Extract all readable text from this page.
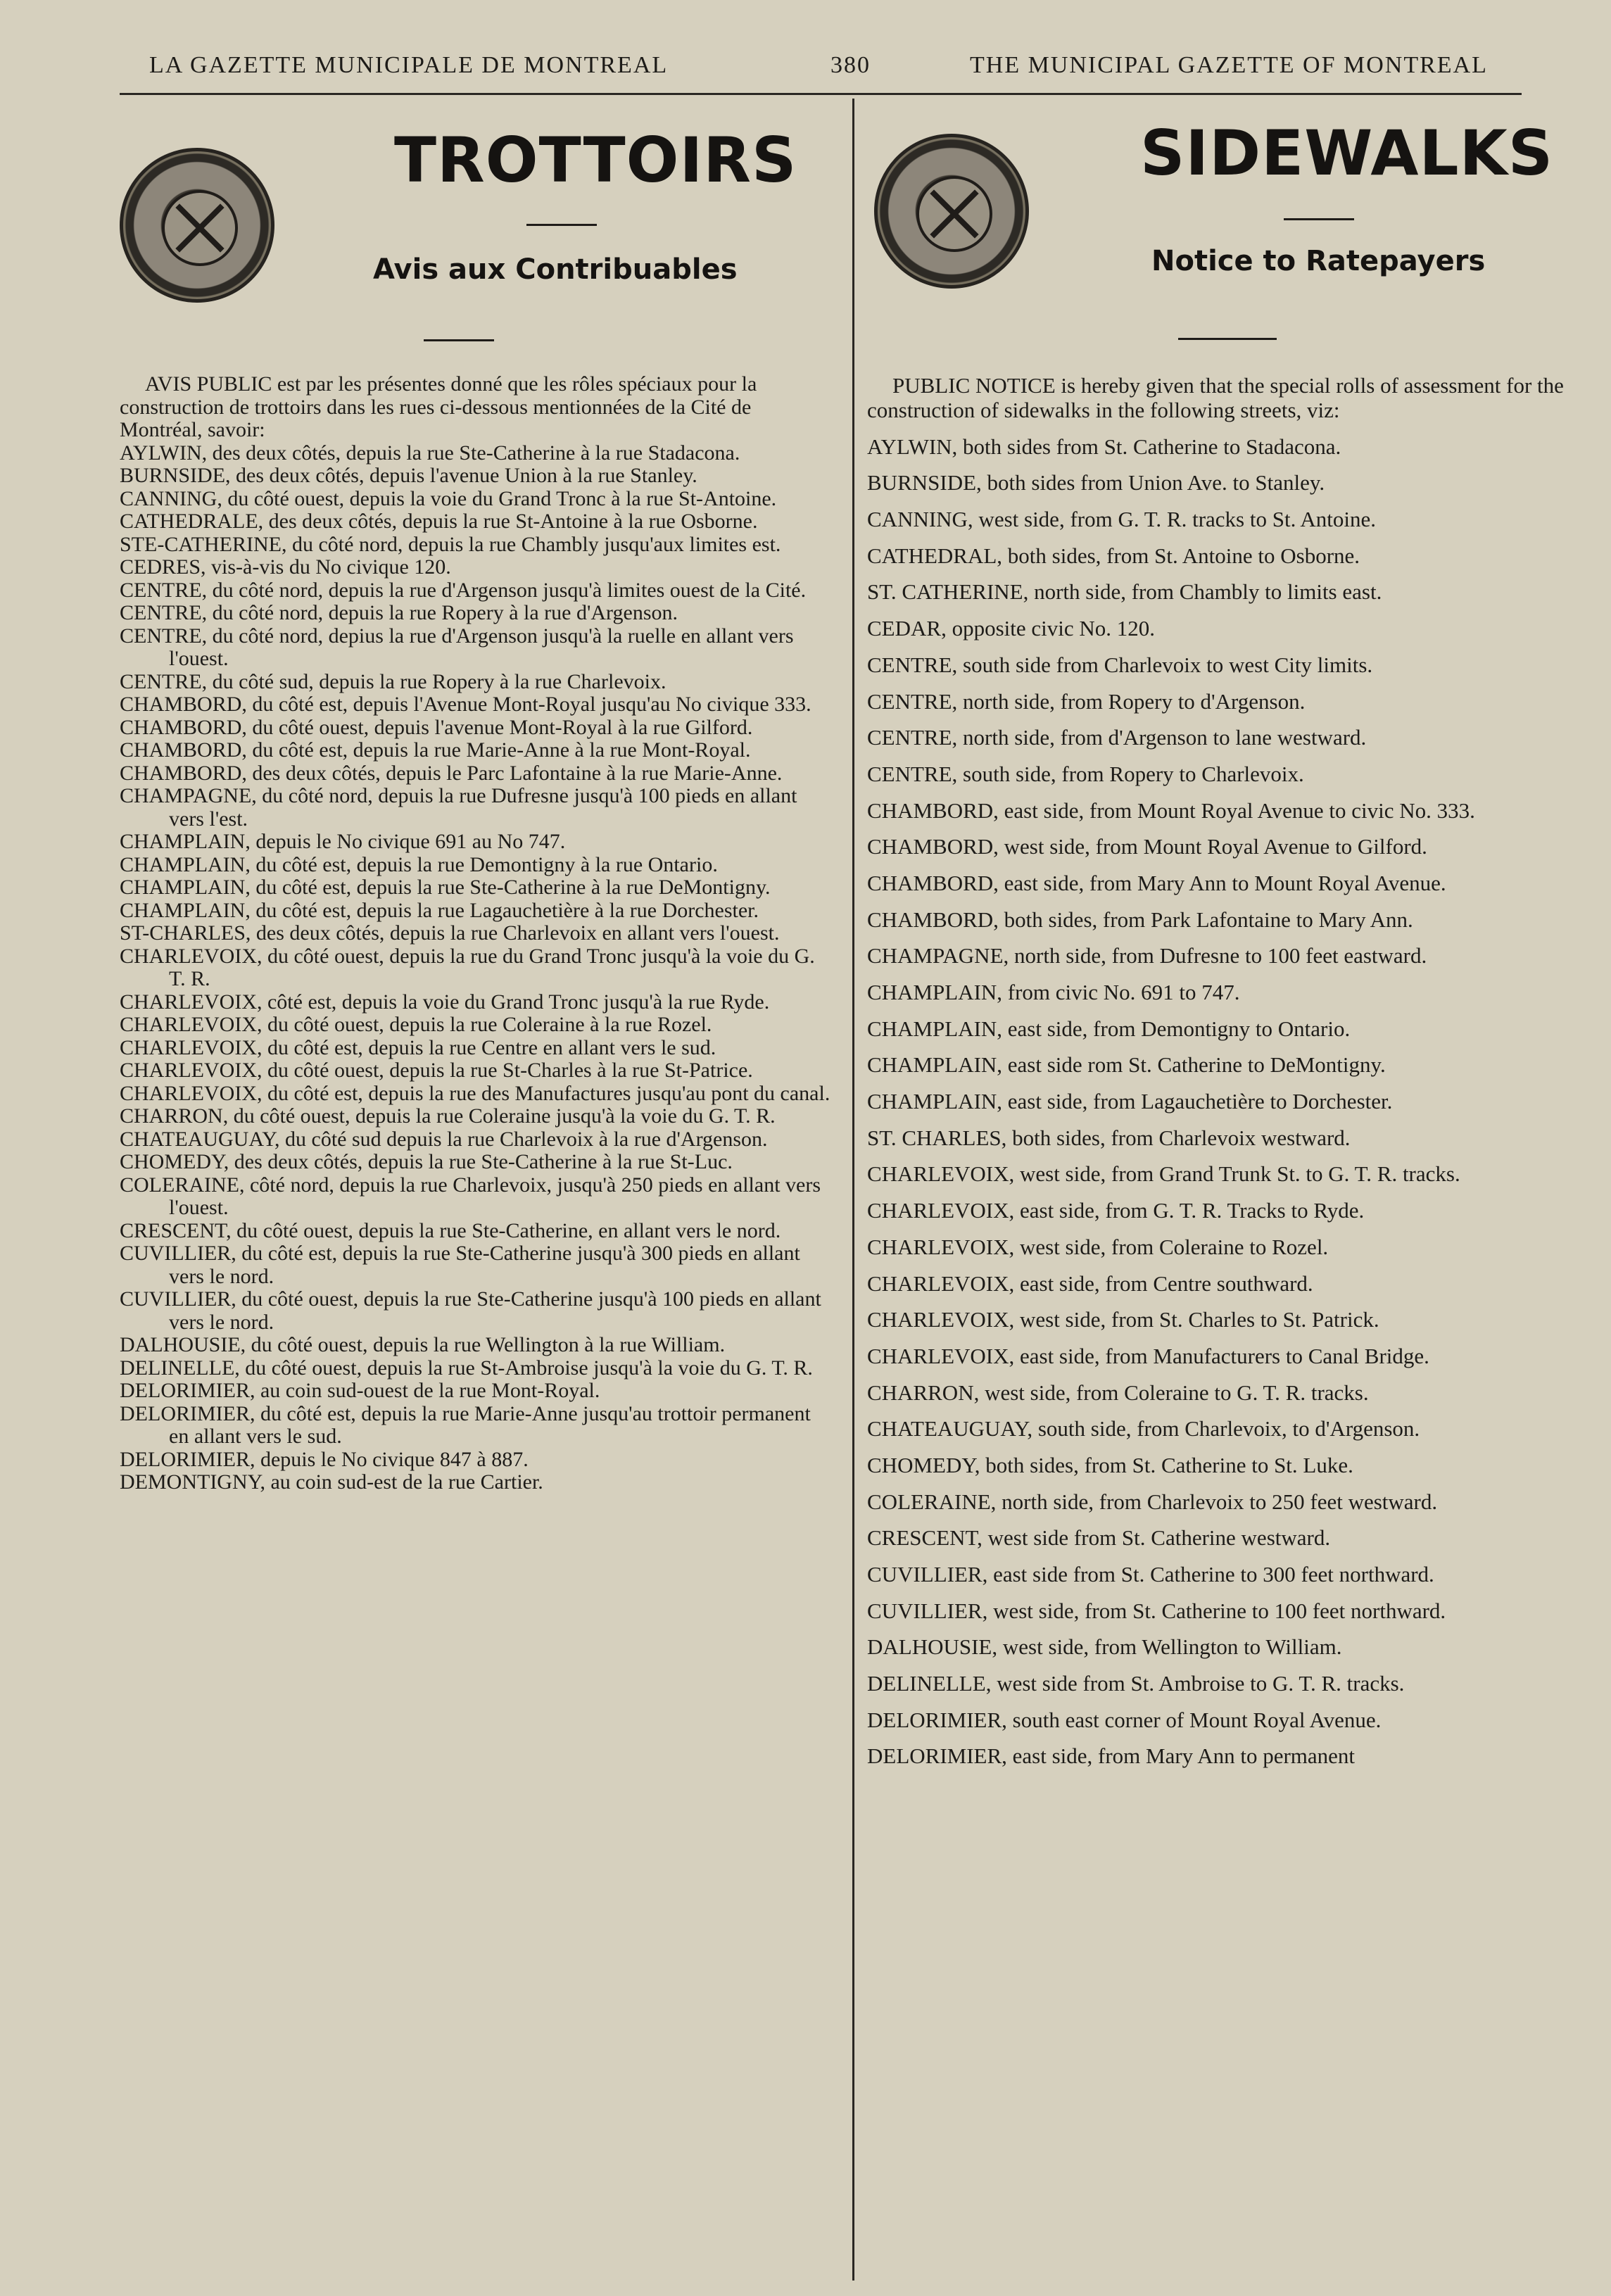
LA GAZETTE MUNICIPALE DE MONTREAL	380	THE MUNICIPAL GAZETTE OF MONTREAL
TROTTOIRS
Avis aux Contribuables

AVIS PUBLIC est par les présentes donné que les rôles spéciaux pour la construction de trottoirs dans les rues ci-dessous mentionnées de la Cité de Montréal, savoir:

AYLWIN, des deux côtés, depuis la rue Ste-Catherine à la rue Stadacona.

BURNSIDE, des deux côtés, depuis l'avenue Union à la rue Stanley.

CANNING, du côté ouest, depuis la voie du Grand Tronc à la rue St-Antoine.

CATHEDRALE, des deux côtés, depuis la rue St-Antoine à la rue Osborne.

STE-CATHERINE, du côté nord, depuis la rue Chambly jusqu'aux limites est.

CEDRES, vis-à-vis du No civique 120.

CENTRE, du côté nord, depuis la rue d'Argenson jusqu'à limites ouest de la Cité.

CENTRE, du côté nord, depuis la rue Ropery à la rue d'Argenson.

CENTRE, du côté nord, depius la rue d'Argenson jusqu'à la ruelle en allant vers l'ouest.

CENTRE, du côté sud, depuis la rue Ropery à la rue Charlevoix.

CHAMBORD, du côté est, depuis l'Avenue Mont-Royal jusqu'au No civique 333.

CHAMBORD, du côté ouest, depuis l'avenue Mont-Royal à la rue Gilford.

CHAMBORD, du côté est, depuis la rue Marie-Anne à la rue Mont-Royal.

CHAMBORD, des deux côtés, depuis le Parc Lafontaine à la rue Marie-Anne.

CHAMPAGNE, du côté nord, depuis la rue Dufresne jusqu'à 100 pieds en allant vers l'est.

CHAMPLAIN, depuis le No civique 691 au No 747.

CHAMPLAIN, du côté est, depuis la rue Demontigny à la rue Ontario.

CHAMPLAIN, du côté est, depuis la rue Ste-Catherine à la rue DeMontigny.

CHAMPLAIN, du côté est, depuis la rue Lagauchetière à la rue Dorchester.

ST-CHARLES, des deux côtés, depuis la rue Charlevoix en allant vers l'ouest.

CHARLEVOIX, du côté ouest, depuis la rue du Grand Tronc jusqu'à la voie du G. T. R.

CHARLEVOIX, côté est, depuis la voie du Grand Tronc jusqu'à la rue Ryde.

CHARLEVOIX, du côté ouest, depuis la rue Coleraine à la rue Rozel.

CHARLEVOIX, du côté est, depuis la rue Centre en allant vers le sud.

CHARLEVOIX, du côté ouest, depuis la rue St-Charles à la rue St-Patrice.

CHARLEVOIX, du côté est, depuis la rue des Manufactures jusqu'au pont du canal.

CHARRON, du côté ouest, depuis la rue Coleraine jusqu'à la voie du G. T. R.

CHATEAUGUAY, du côté sud depuis la rue Charlevoix à la rue d'Argenson.

CHOMEDY, des deux côtés, depuis la rue Ste-Catherine à la rue St-Luc.

COLERAINE, côté nord, depuis la rue Charlevoix, jusqu'à 250 pieds en allant vers l'ouest.

CRESCENT, du côté ouest, depuis la rue Ste-Catherine, en allant vers le nord.

CUVILLIER, du côté est, depuis la rue Ste-Catherine jusqu'à 300 pieds en allant vers le nord.

CUVILLIER, du côté ouest, depuis la rue Ste-Catherine jusqu'à 100 pieds en allant vers le nord.

DALHOUSIE, du côté ouest, depuis la rue Wellington à la rue William.

DELINELLE, du côté ouest, depuis la rue St-Ambroise jusqu'à la voie du G. T. R.

DELORIMIER, au coin sud-ouest de la rue Mont-Royal.

DELORIMIER, du côté est, depuis la rue Marie-Anne jusqu'au trottoir permanent en allant vers le sud.

DELORIMIER, depuis le No civique 847 à 887.

DEMONTIGNY, au coin sud-est de la rue Cartier.

SIDEWALKS
Notice to Ratepayers

PUBLIC NOTICE is hereby given that the special rolls of assessment for the construction of sidewalks in the following streets, viz:

AYLWIN, both sides from St. Catherine to Stadacona.

BURNSIDE, both sides from Union Ave. to Stanley.

CANNING, west side, from G. T. R. tracks to St. Antoine.

CATHEDRAL, both sides, from St. Antoine to Osborne.

ST. CATHERINE, north side, from Chambly to limits east.

CEDAR, opposite civic No. 120.

CENTRE, south side from Charlevoix to west City limits.

CENTRE, north side, from Ropery to d'Argenson.

CENTRE, north side, from d'Argenson to lane westward.

CENTRE, south side, from Ropery to Charlevoix.

CHAMBORD, east side, from Mount Royal Avenue to civic No. 333.

CHAMBORD, west side, from Mount Royal Avenue to Gilford.

CHAMBORD, east side, from Mary Ann to Mount Royal Avenue.

CHAMBORD, both sides, from Park Lafontaine to Mary Ann.

CHAMPAGNE, north side, from Dufresne to 100 feet eastward.

CHAMPLAIN, from civic No. 691 to 747.

CHAMPLAIN, east side, from Demontigny to Ontario.

CHAMPLAIN, east side rom St. Catherine to DeMontigny.

CHAMPLAIN, east side, from Lagauchetière to Dorchester.

ST. CHARLES, both sides, from Charlevoix westward.

CHARLEVOIX, west side, from Grand Trunk St. to G. T. R. tracks.

CHARLEVOIX, east side, from G. T. R. Tracks to Ryde.

CHARLEVOIX, west side, from Coleraine to Rozel.

CHARLEVOIX, east side, from Centre southward.

CHARLEVOIX, west side, from St. Charles to St. Patrick.

CHARLEVOIX, east side, from Manufacturers to Canal Bridge.

CHARRON, west side, from Coleraine to G. T. R. tracks.

CHATEAUGUAY, south side, from Charlevoix, to d'Argenson.

CHOMEDY, both sides, from St. Catherine to St. Luke.

COLERAINE, north side, from Charlevoix to 250 feet westward.

CRESCENT, west side from St. Catherine westward.

CUVILLIER, east side from St. Catherine to 300 feet northward.

CUVILLIER, west side, from St. Catherine to 100 feet northward.

DALHOUSIE, west side, from Wellington to William.

DELINELLE, west side from St. Ambroise to G. T. R. tracks.

DELORIMIER, south east corner of Mount Royal Avenue.

DELORIMIER, east side, from Mary Ann to permanent
